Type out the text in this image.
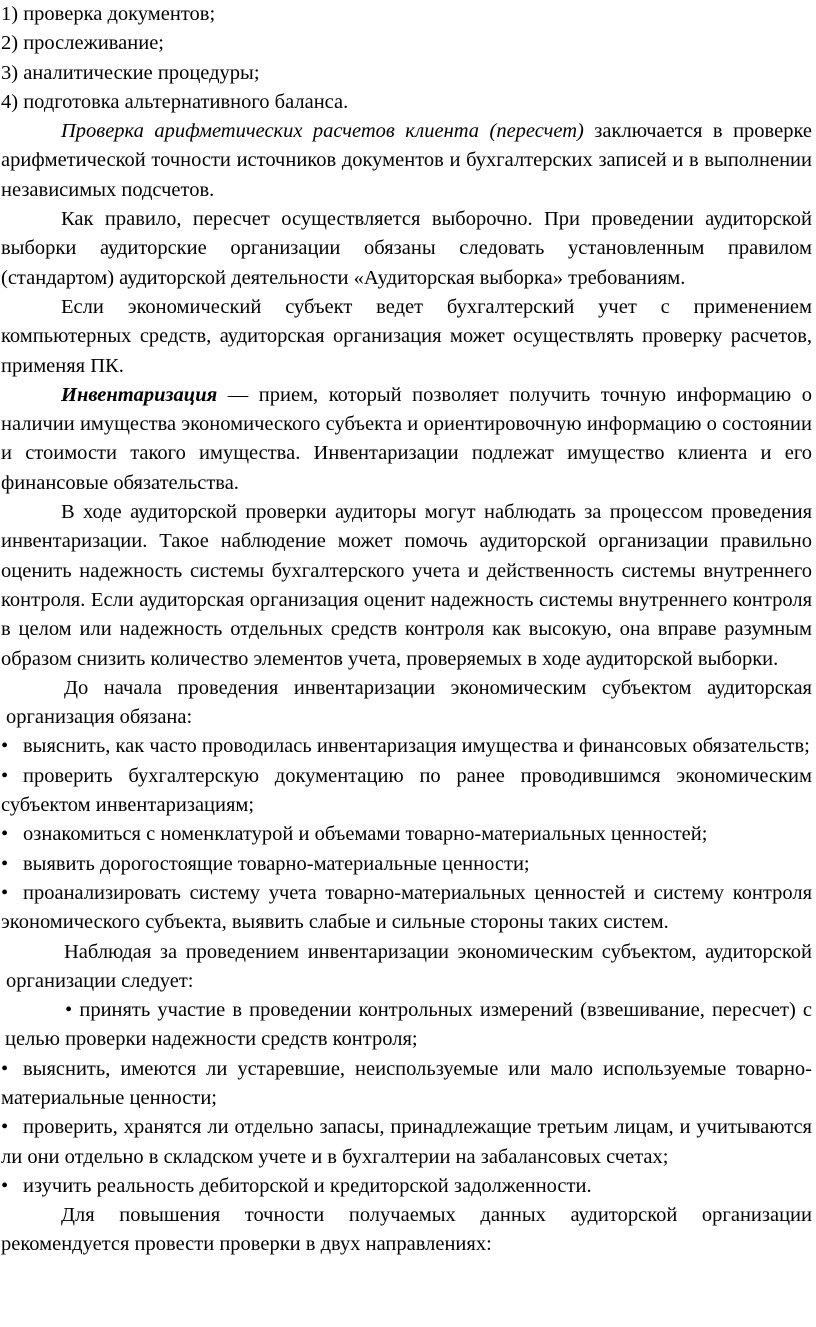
1) проверка документов;

2) прослеживание;

3) аналитические процедуры;

4) подготовка альтернативного баланса.

Проверка арифметических расчетов клиента (пересчет) заключается в проверке арифметической точности источников документов и бухгалтерских записей и в выполнении независимых подсчетов.

Как правило, пересчет осуществляется выборочно. При проведении аудиторской выборки аудиторские организации обязаны следовать установленным правилом (стандартом) аудиторской деятельности «Аудиторская выборка» требованиям.

Если экономический субъект ведет бухгалтерский учет с применением компьютерных средств, аудиторская организация может осуществлять проверку расчетов, применяя ПК.

Инвентаризация — прием, который позволяет получить точную информацию о наличии имущества экономического субъекта и ориентировочную информацию о состоянии и стоимости такого имущества. Инвентаризации подлежат имущество клиента и его финансовые обязательства.

В ходе аудиторской проверки аудиторы могут наблюдать за процессом проведения инвентаризации. Такое наблюдение может помочь аудиторской организации правильно оценить надежность системы бухгалтерского учета и действенность системы внутреннего контроля. Если аудиторская организация оценит надежность системы внутреннего контроля в целом или надежность отдельных средств контроля как высокую, она вправе разумным образом снизить количество элементов учета, проверяемых в ходе аудиторской выборки.

До начала проведения инвентаризации экономическим субъектом аудиторская организация обязана:

• выяснить, как часто проводилась инвентаризация имущества и финансовых обязательств;

• проверить бухгалтерскую документацию по ранее проводившимся экономическим субъектом инвентаризациям;

• ознакомиться с номенклатурой и объемами товарно-материальных ценностей;

• выявить дорогостоящие товарно-материальные ценности;

• проанализировать систему учета товарно-материальных ценностей и систему контроля экономического субъекта, выявить слабые и сильные стороны таких систем.

Наблюдая за проведением инвентаризации экономическим субъектом, аудиторской организации следует:

• принять участие в проведении контрольных измерений (взвешивание, пересчет) с целью проверки надежности средств контроля;

• выяснить, имеются ли устаревшие, неиспользуемые или мало используемые товарно-материальные ценности;

• проверить, хранятся ли отдельно запасы, принадлежащие третьим лицам, и учитываются ли они отдельно в складском учете и в бухгалтерии на забалансовых счетах;

• изучить реальность дебиторской и кредиторской задолженности.

Для повышения точности получаемых данных аудиторской организации рекомендуется провести проверки в двух направлениях:
